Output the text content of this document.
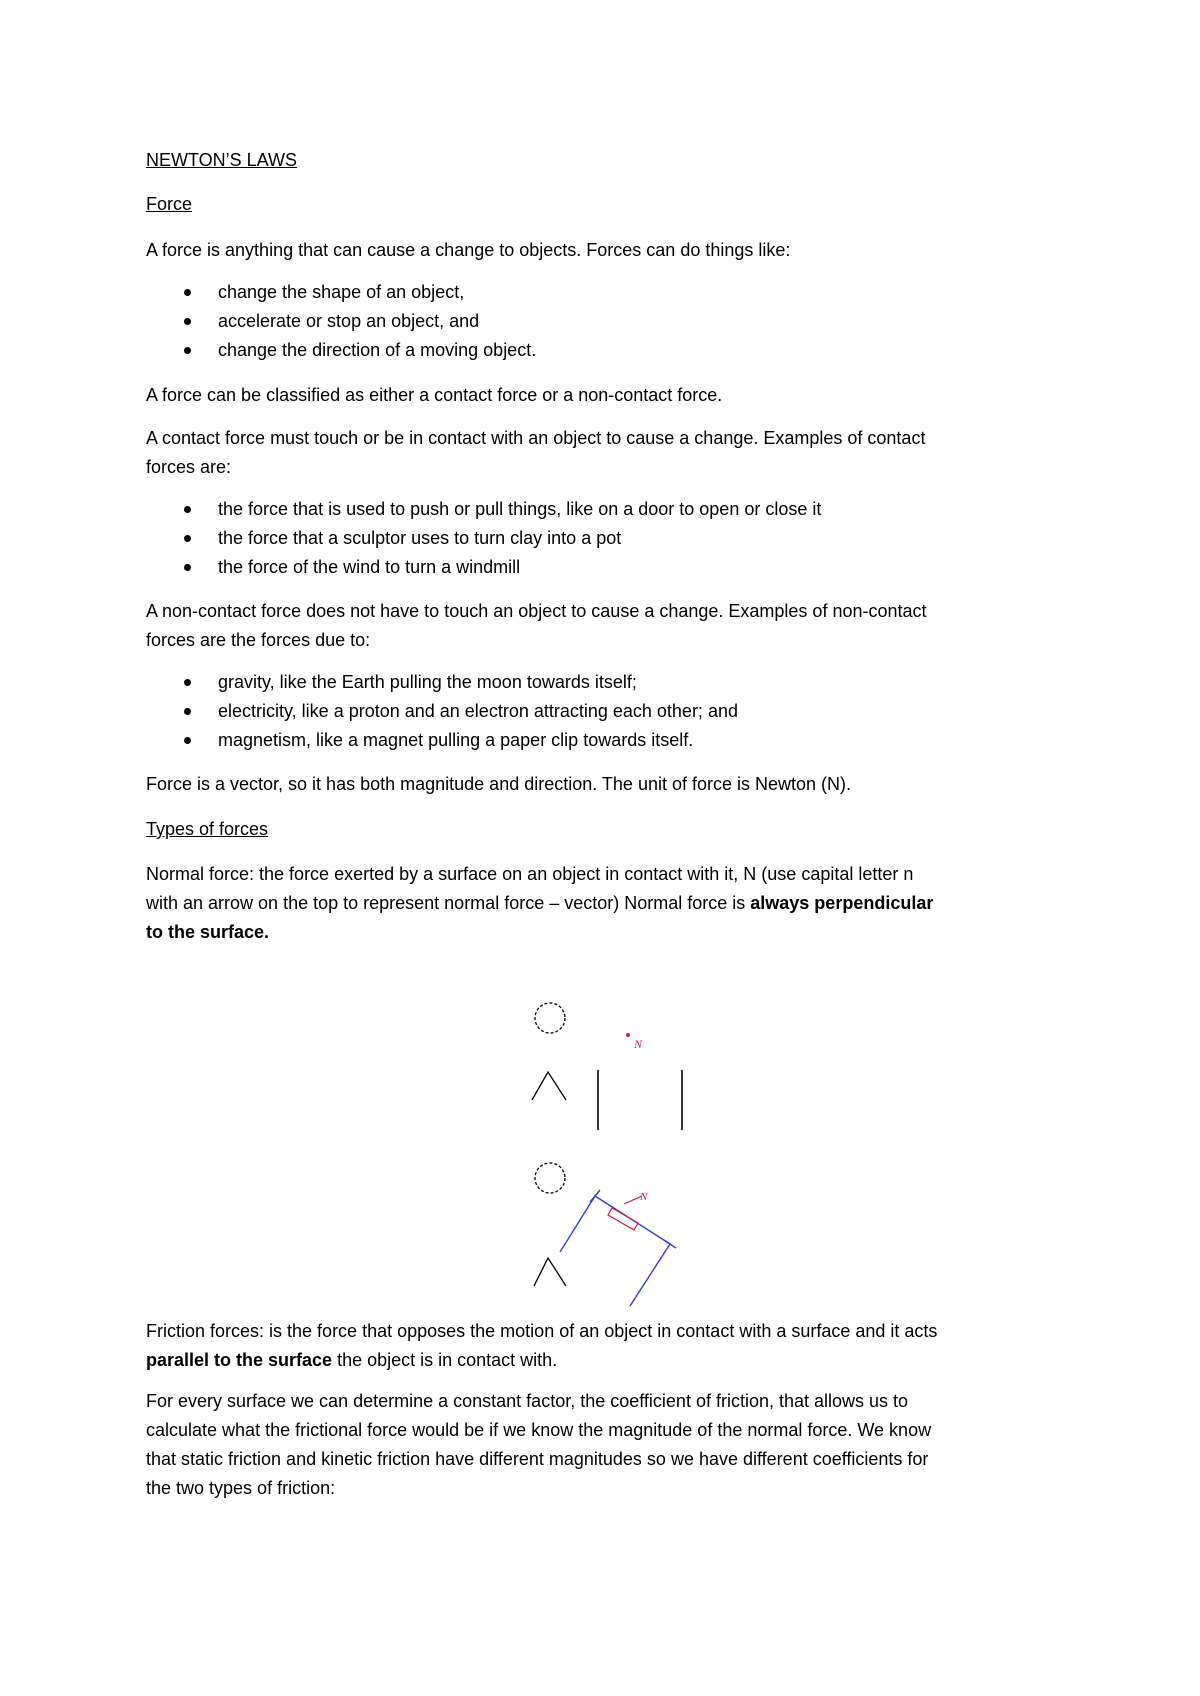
NEWTON’S LAWS

Force

A force is anything that can cause a change to objects. Forces can do things like:

change the shape of an object,
accelerate or stop an object, and
change the direction of a moving object.

A force can be classified as either a contact force or a non-contact force.

A contact force must touch or be in contact with an object to cause a change. Examples of contact

forces are:

the force that is used to push or pull things, like on a door to open or close it
the force that a sculptor uses to turn clay into a pot
the force of the wind to turn a windmill

A non-contact force does not have to touch an object to cause a change. Examples of non-contact

forces are the forces due to:

gravity, like the Earth pulling the moon towards itself;
electricity, like a proton and an electron attracting each other; and
magnetism, like a magnet pulling a paper clip towards itself.

Force is a vector, so it has both magnitude and direction. The unit of force is Newton (N).

Types of forces

Normal force: the force exerted by a surface on an object in contact with it, N (use capital letter n

with an arrow on the top to represent normal force – vector) Normal force is always perpendicular

to the surface.

N
N

Friction forces: is the force that opposes the motion of an object in contact with a surface and it acts

parallel to the surface the object is in contact with.

For every surface we can determine a constant factor, the coefficient of friction, that allows us to

calculate what the frictional force would be if we know the magnitude of the normal force. We know

that static friction and kinetic friction have different magnitudes so we have different coefficients for

the two types of friction:
